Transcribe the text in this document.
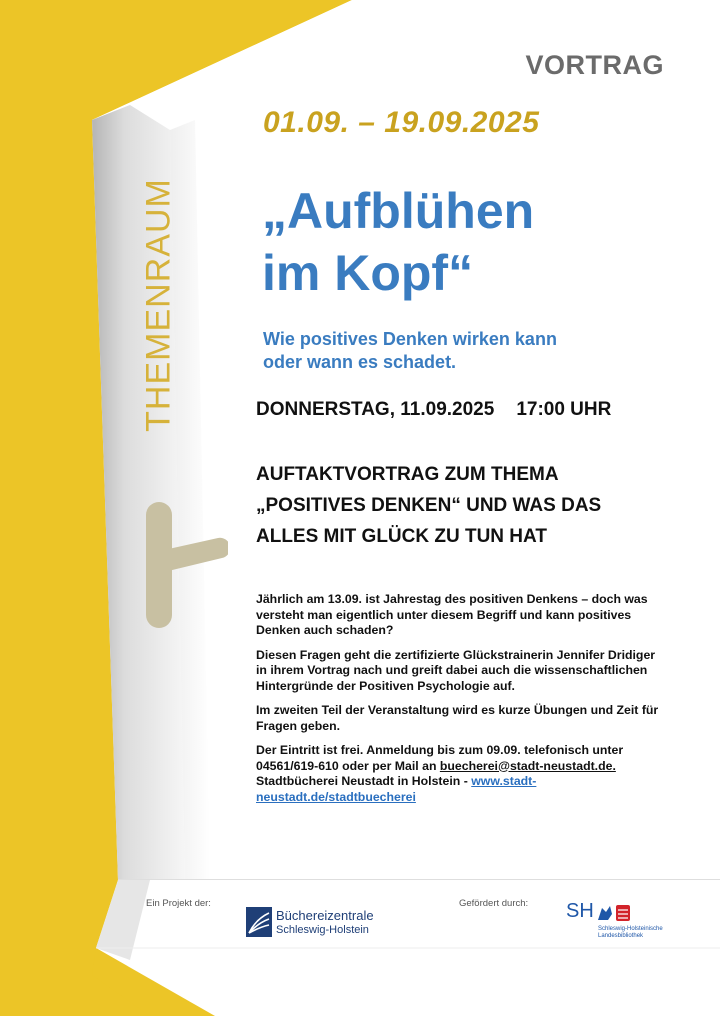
THEMENRAUM
VORTRAG
01.09. – 19.09.2025
„Aufblühen
im Kopf“
Wie positives Denken wirken kann
oder wann es schadet.
DONNERSTAG, 11.09.2025 17:00 UHR
AUFTAKTVORTRAG ZUM THEMA
„POSITIVES DENKEN“ UND WAS DAS
ALLES MIT GLÜCK ZU TUN HAT

Jährlich am 13.09. ist Jahrestag des positiven Denkens – doch was versteht man eigentlich unter diesem Begriff und kann positives Denken auch schaden?

Diesen Fragen geht die zertifizierte Glückstrainerin Jennifer Dridiger in ihrem Vortrag nach und greift dabei auch die wissenschaftlichen Hintergründe der Positiven Psychologie auf.

Im zweiten Teil der Veranstaltung wird es kurze Übungen und Zeit für Fragen geben.

Der Eintritt ist frei. Anmeldung bis zum 09.09. telefonisch unter 04561/619-610 oder per Mail an buecherei@stadt-neustadt.de.
Stadtbücherei Neustadt in Holstein - www.stadt-neustadt.de/stadtbuecherei

Ein Projekt der:	Gefördert durch:
Büchereizentrale
Schleswig-Holstein
SH
Schleswig-Holsteinische
Landesbibliothek
